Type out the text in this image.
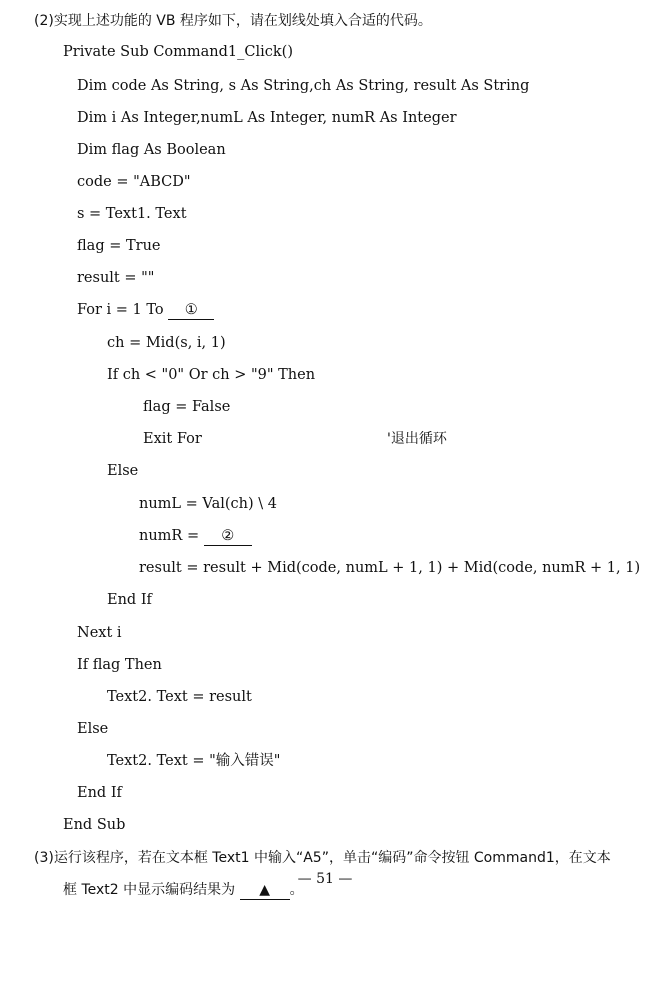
(2)实现上述功能的 VB 程序如下，请在划线处填入合适的代码。
Private Sub Command1_Click()
Dim code As String, s As String,ch As String, result As String
Dim i As Integer,numL As Integer, numR As Integer
Dim flag As Boolean
code = "ABCD"
s = Text1. Text
flag = True
result = ""
For i = 1 To ①
ch = Mid(s, i, 1)
If ch < "0" Or ch > "9" Then
flag = False
Exit For	'退出循环
Else
numL = Val(ch) \ 4
numR = ②
result = result + Mid(code, numL + 1, 1) + Mid(code, numR + 1, 1)
End If
Next i
If flag Then
Text2. Text = result
Else
Text2. Text = "输入错误"
End If
End Sub
(3)运行该程序，若在文本框 Text1 中输入“A5”，单击“编码”命令按钮 Command1，在文本
框 Text2 中显示编码结果为 ▲ 。
— 51 —
